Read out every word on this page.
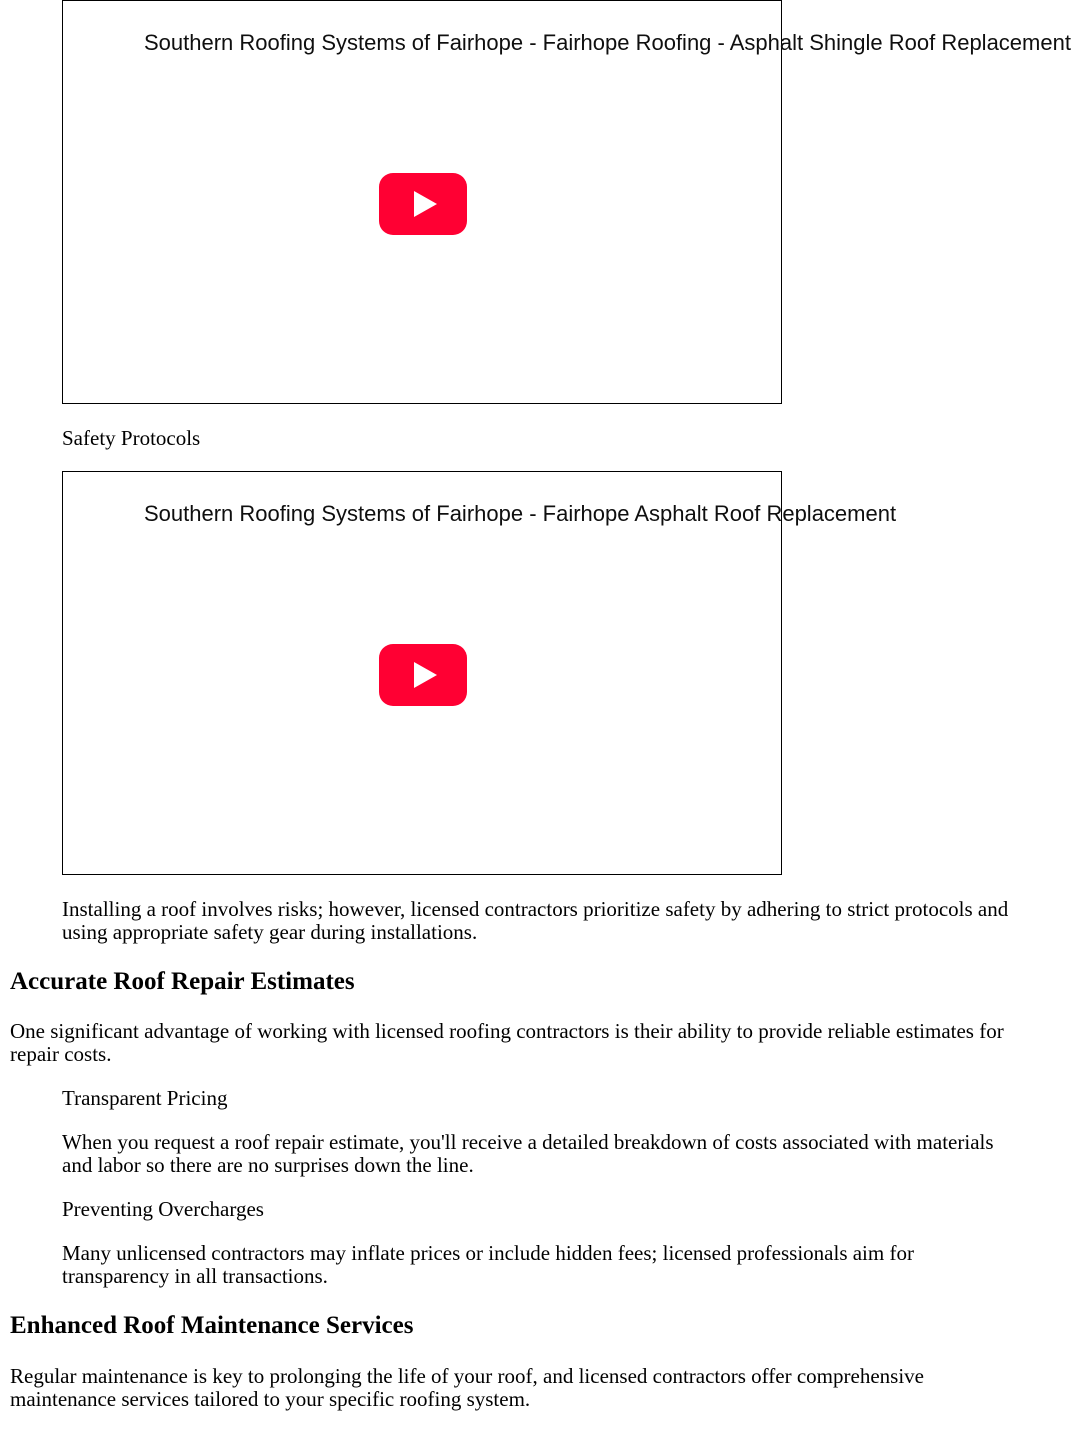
Southern Roofing Systems of Fairhope - Fairhope Roofing - Asphalt Shingle Roof Replacement
Safety Protocols
Southern Roofing Systems of Fairhope - Fairhope Asphalt Roof Replacement
Installing a roof involves risks; however, licensed contractors prioritize safety by adhering to strict protocols and using appropriate safety gear during installations.
Accurate Roof Repair Estimates
One significant advantage of working with licensed roofing contractors is their ability to provide reliable estimates for repair costs.
Transparent Pricing
When you request a roof repair estimate, you'll receive a detailed breakdown of costs associated with materials and labor so there are no surprises down the line.
Preventing Overcharges
Many unlicensed contractors may inflate prices or include hidden fees; licensed professionals aim for transparency in all transactions.
Enhanced Roof Maintenance Services
Regular maintenance is key to prolonging the life of your roof, and licensed contractors offer comprehensive maintenance services tailored to your specific roofing system.
